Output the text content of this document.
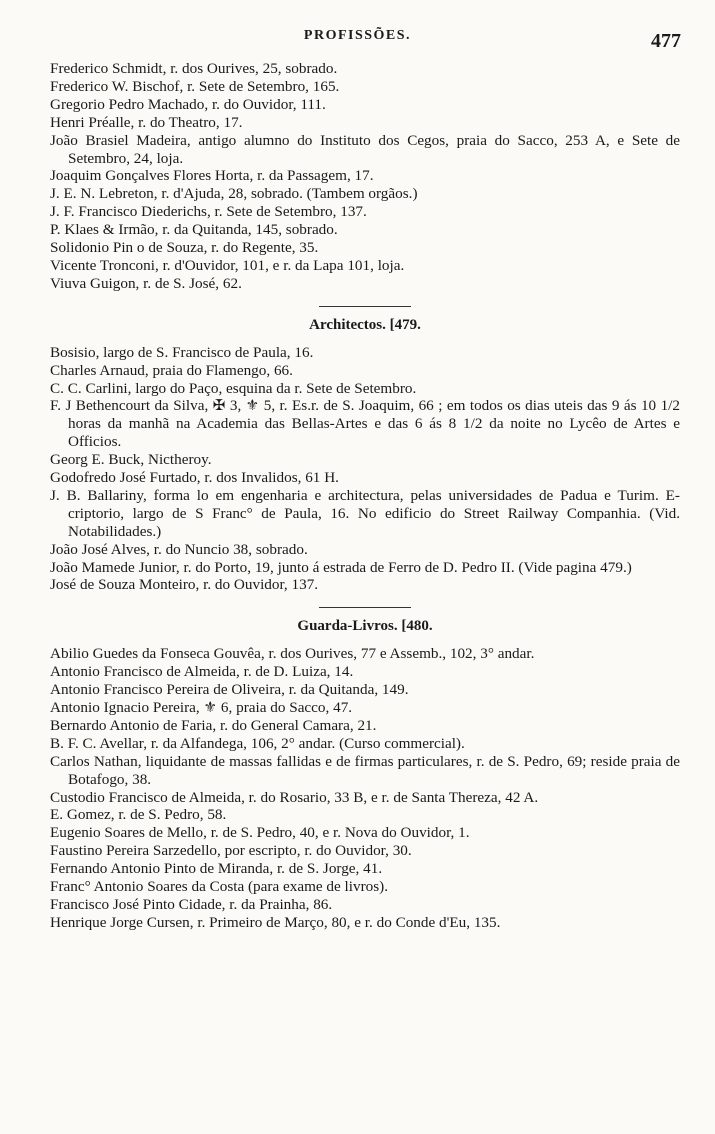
PROFISSÕES.	477
Frederico Schmidt, r. dos Ourives, 25, sobrado.
Frederico W. Bischof, r. Sete de Setembro, 165.
Gregorio Pedro Machado, r. do Ouvidor, 111.
Henri Préalle, r. do Theatro, 17.
João Brasiel Madeira, antigo alumno do Instituto dos Cegos, praia do Sacco, 253 A, e Sete de Setembro, 24, loja.
Joaquim Gonçalves Flores Horta, r. da Passagem, 17.
J. E. N. Lebreton, r. d'Ajuda, 28, sobrado. (Tambem orgãos.)
J. F. Francisco Diederichs, r. Sete de Setembro, 137.
P. Klaes & Irmão, r. da Quitanda, 145, sobrado.
Solidonio Pin o de Souza, r. do Regente, 35.
Vicente Tronconi, r. d'Ouvidor, 101, e r. da Lapa 101, loja.
Viuva Guigon, r. de S. José, 62.
Architectos. [479.
Bosisio, largo de S. Francisco de Paula, 16.
Charles Arnaud, praia do Flamengo, 66.
C. C. Carlini, largo do Paço, esquina da r. Sete de Setembro.
F. J Bethencourt da Silva, ✠ 3, ⚜ 5, r. Es.r. de S. Joaquim, 66 ; em todos os dias uteis das 9 ás 10 1/2 horas da manhã na Academia das Bellas-Artes e das 6 ás 8 1/2 da noite no Lycêo de Artes e Officios.
Georg E. Buck, Nictheroy.
Godofredo José Furtado, r. dos Invalidos, 61 H.
J. B. Ballariny, forma lo em engenharia e architectura, pelas universidades de Padua e Turim. E-criptorio, largo de S Franc° de Paula, 16. No edificio do Street Railway Companhia. (Vid. Notabilidades.)
João José Alves, r. do Nuncio 38, sobrado.
João Mamede Junior, r. do Porto, 19, junto á estrada de Ferro de D. Pedro II. (Vide pagina 479.)
José de Souza Monteiro, r. do Ouvidor, 137.
Guarda-Livros. [480.
Abilio Guedes da Fonseca Gouvêa, r. dos Ourives, 77 e Assemb., 102, 3° andar.
Antonio Francisco de Almeida, r. de D. Luiza, 14.
Antonio Francisco Pereira de Oliveira, r. da Quitanda, 149.
Antonio Ignacio Pereira, ⚜ 6, praia do Sacco, 47.
Bernardo Antonio de Faria, r. do General Camara, 21.
B. F. C. Avellar, r. da Alfandega, 106, 2° andar. (Curso commercial).
Carlos Nathan, liquidante de massas fallidas e de firmas particulares, r. de S. Pedro, 69; reside praia de Botafogo, 38.
Custodio Francisco de Almeida, r. do Rosario, 33 B, e r. de Santa Thereza, 42 A.
E. Gomez, r. de S. Pedro, 58.
Eugenio Soares de Mello, r. de S. Pedro, 40, e r. Nova do Ouvidor, 1.
Faustino Pereira Sarzedello, por escripto, r. do Ouvidor, 30.
Fernando Antonio Pinto de Miranda, r. de S. Jorge, 41.
Franc° Antonio Soares da Costa (para exame de livros).
Francisco José Pinto Cidade, r. da Prainha, 86.
Henrique Jorge Cursen, r. Primeiro de Março, 80, e r. do Conde d'Eu, 135.
